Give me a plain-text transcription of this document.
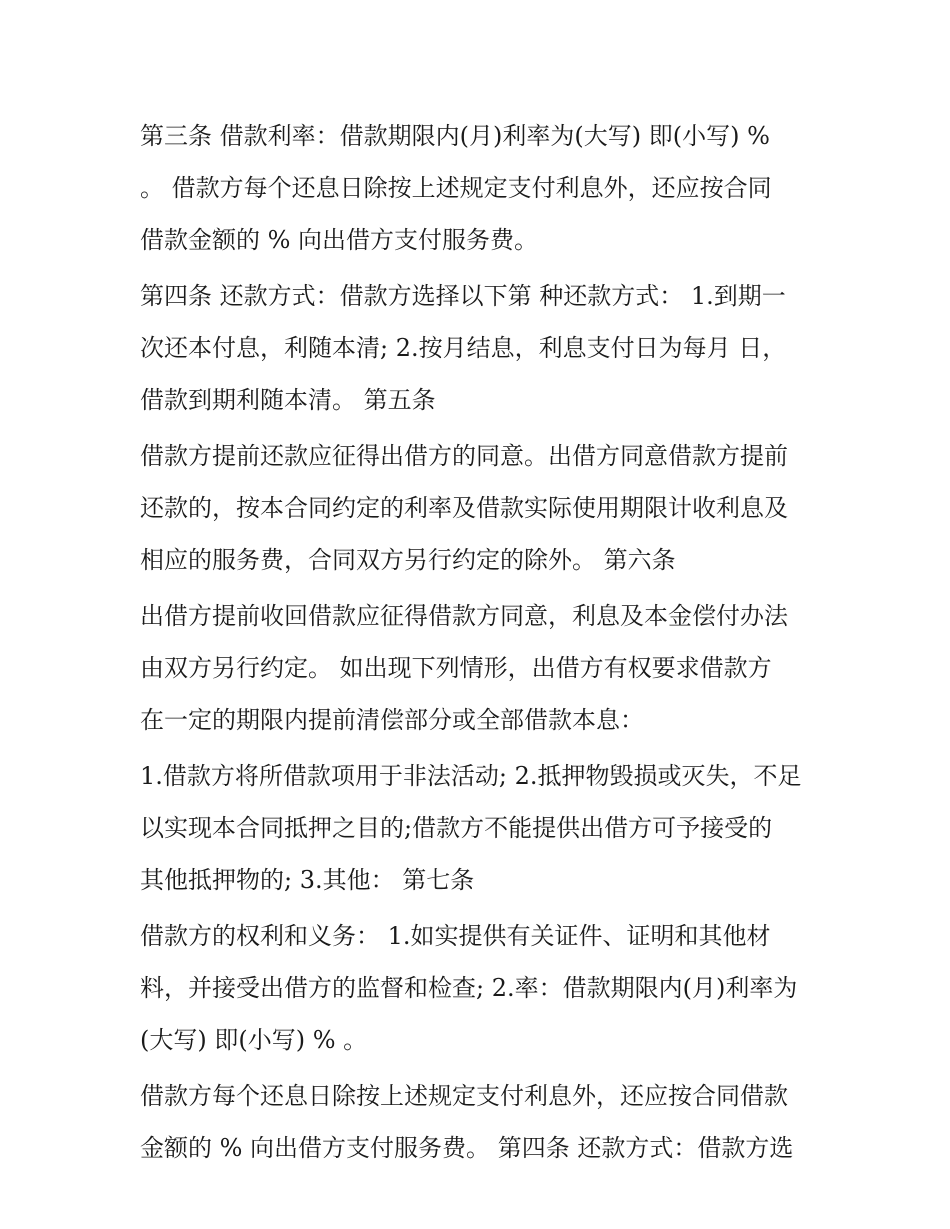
第三条 借款利率：借款期限内(月)利率为(大写) 即(小写) %
。 借款方每个还息日除按上述规定支付利息外，还应按合同
借款金额的 % 向出借方支付服务费。
第四条 还款方式：借款方选择以下第 种还款方式： 1.到期一
次还本付息，利随本清; 2.按月结息，利息支付日为每月 日，
借款到期利随本清。 第五条
借款方提前还款应征得出借方的同意。出借方同意借款方提前
还款的，按本合同约定的利率及借款实际使用期限计收利息及
相应的服务费，合同双方另行约定的除外。 第六条
出借方提前收回借款应征得借款方同意，利息及本金偿付办法
由双方另行约定。 如出现下列情形，出借方有权要求借款方
在一定的期限内提前清偿部分或全部借款本息：
1.借款方将所借款项用于非法活动; 2.抵押物毁损或灭失，不足
以实现本合同抵押之目的;借款方不能提供出借方可予接受的
其他抵押物的; 3.其他： 第七条
借款方的权利和义务： 1.如实提供有关证件、证明和其他材
料，并接受出借方的监督和检查; 2.率：借款期限内(月)利率为
(大写) 即(小写) % 。
借款方每个还息日除按上述规定支付利息外，还应按合同借款
金额的 % 向出借方支付服务费。 第四条 还款方式：借款方选
